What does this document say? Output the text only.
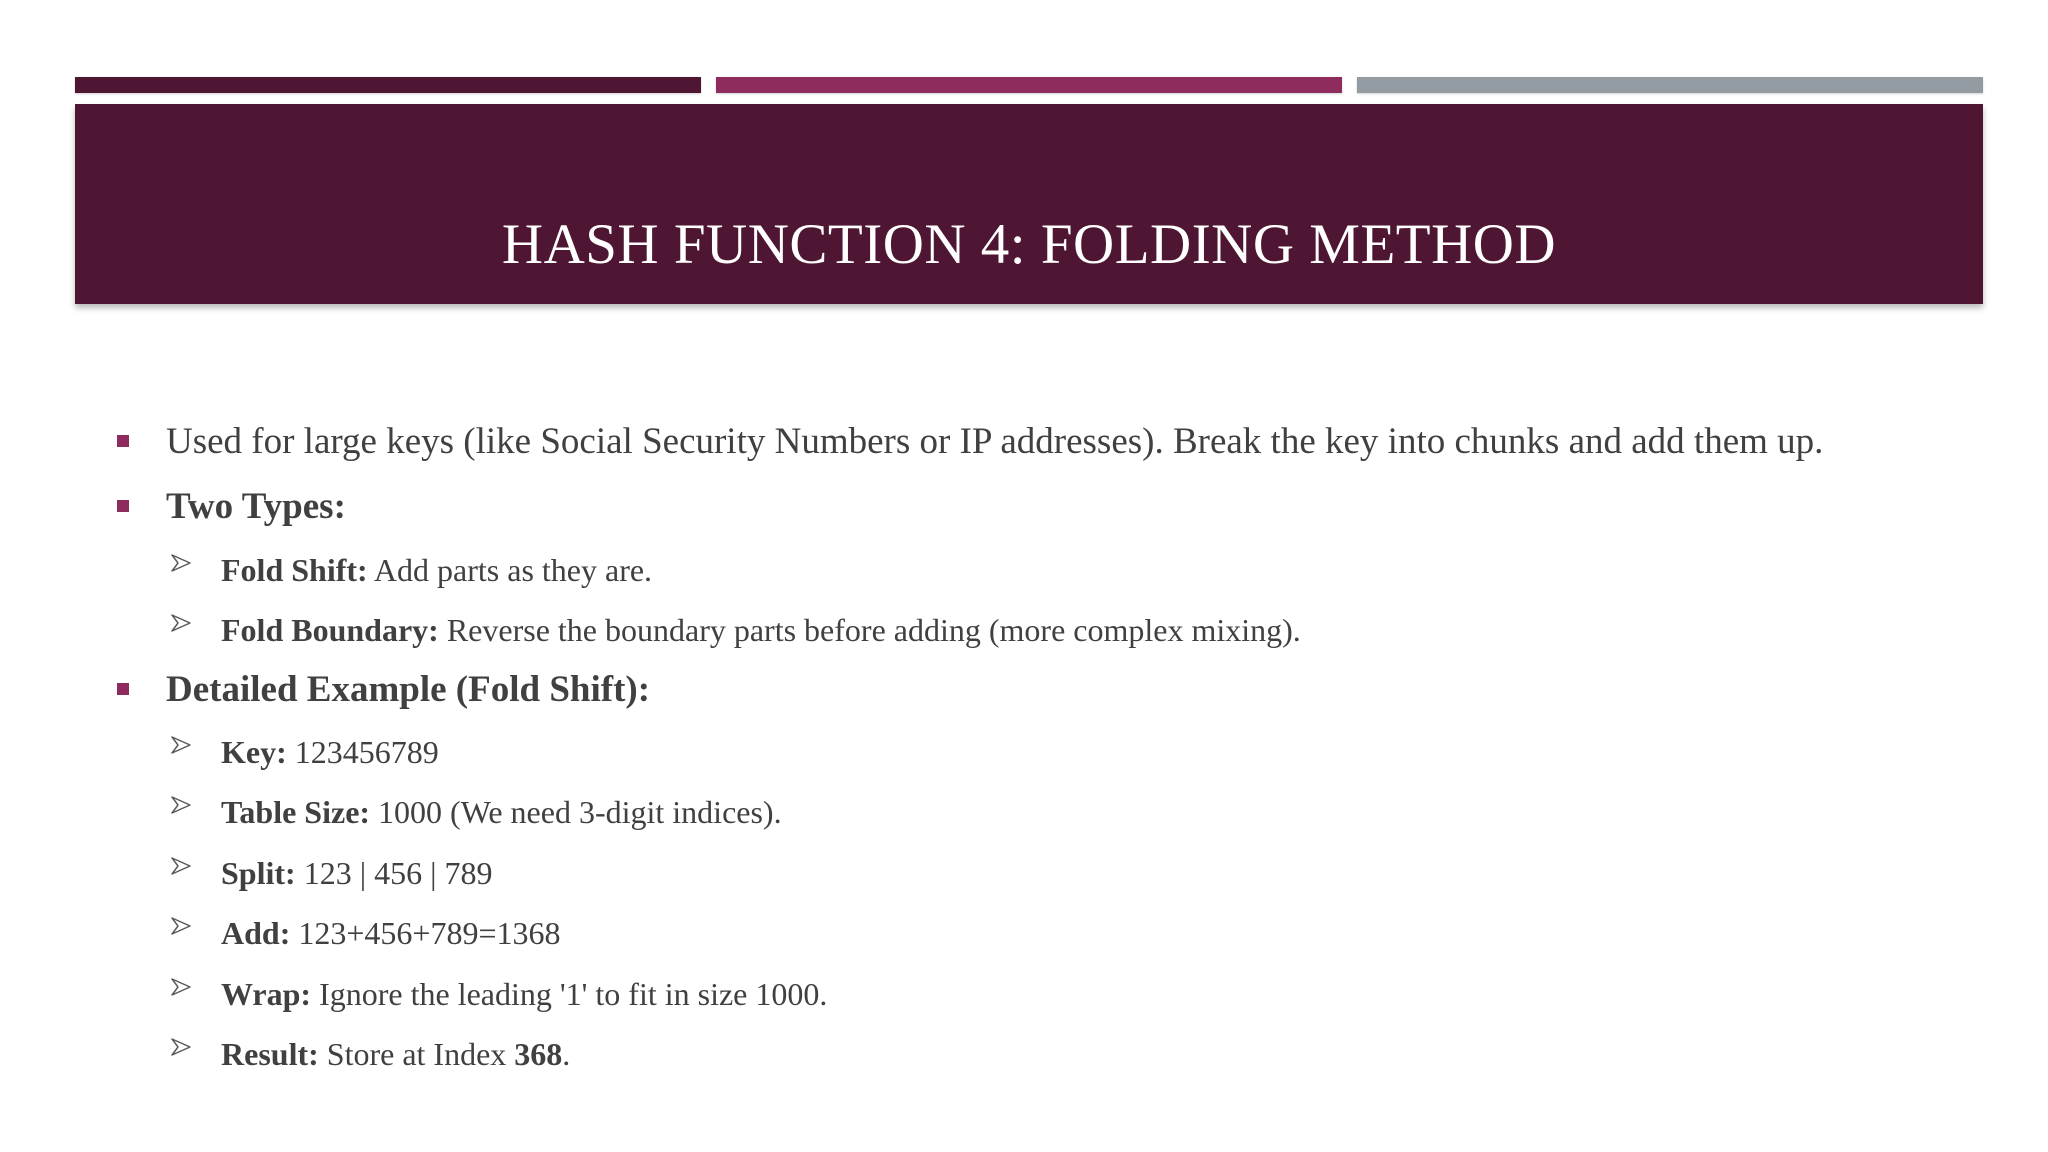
HASH FUNCTION 4: FOLDING METHOD
Used for large keys (like Social Security Numbers or IP addresses). Break the key into chunks and add them up.
Two Types:
Fold Shift: Add parts as they are.
Fold Boundary: Reverse the boundary parts before adding (more complex mixing).
Detailed Example (Fold Shift):
Key: 123456789
Table Size: 1000 (We need 3-digit indices).
Split: 123 | 456 | 789
Add: 123+456+789=1368
Wrap: Ignore the leading '1' to fit in size 1000.
Result: Store at Index 368.
